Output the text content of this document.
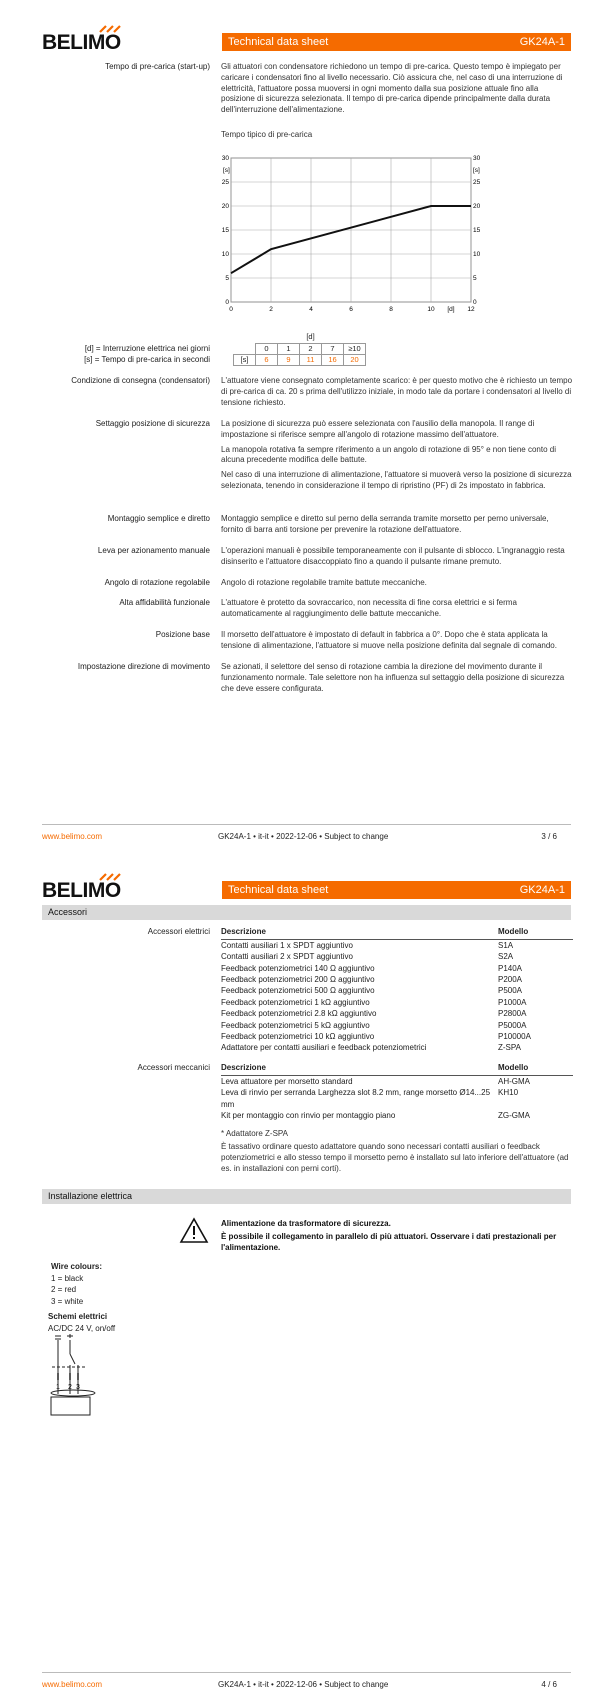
BELIMO	Technical data sheet	GK24A-1
Tempo di pre-carica (start-up) Gli attuatori con condensatore richiedono un tempo di pre-carica. Questo tempo è impiegato per caricare i condensatori fino al livello necessario. Ciò assicura che, nel caso di una interruzione di elettricità, l'attuatore possa muoversi in ogni momento dalla sua posizione attuale fino alla posizione di sicurezza selezionata. Il tempo di pre-carica dipende principalmente dalla durata dell'interruzione dell'alimentazione.

Tempo tipico di pre-carica
0	2	4	6	8	10	12
0	0
5	5
10	10
15	15
20	20
25	25
30	30
[s]	[s]
[d]
[d] = Interruzione elettrica nei giorni
[s] = Tempo di pre-carica in secondi
	[d]				
	0	1	2	7	≥10
[s]	6	9	11	16	20
Condizione di consegna (condensatori) L'attuatore viene consegnato completamente scarico: è per questo motivo che è richiesto un tempo di pre-carica di ca. 20 s prima dell'utilizzo iniziale, in modo tale da portare i condensatori al livello di tensione richiesto.

Settaggio posizione di sicurezza La posizione di sicurezza può essere selezionata con l'ausilio della manopola. Il range di impostazione si riferisce sempre all'angolo di rotazione massimo dell'attuatore.

La manopola rotativa fa sempre riferimento a un angolo di rotazione di 95° e non tiene conto di alcuna precedente modifica delle battute.

Nel caso di una interruzione di alimentazione, l'attuatore si muoverà verso la posizione di sicurezza selezionata, tenendo in considerazione il tempo di ripristino (PF) di 2s impostato in fabbrica.

Montaggio semplice e diretto Montaggio semplice e diretto sul perno della serranda tramite morsetto per perno universale, fornito di barra anti torsione per prevenire la rotazione dell'attuatore.

Leva per azionamento manuale L'operazioni manuali è possibile temporaneamente con il pulsante di sblocco. L'ingranaggio resta disinserito e l'attuatore disaccoppiato fino a quando il pulsante rimane premuto.

Angolo di rotazione regolabile Angolo di rotazione regolabile tramite battute meccaniche.

Alta affidabilità funzionale L'attuatore è protetto da sovraccarico, non necessita di fine corsa elettrici e si ferma automaticamente al raggiungimento delle battute meccaniche.

Posizione base Il morsetto dell'attuatore è impostato di default in fabbrica a 0°. Dopo che è stata applicata la tensione di alimentazione, l'attuatore si muove nella posizione definita dal segnale di comando.

Impostazione direzione di movimento Se azionati, il selettore del senso di rotazione cambia la direzione del movimento durante il funzionamento normale. Tale selettore non ha influenza sul settaggio della posizione di sicurezza che deve essere configurata.

www.belimo.com	GK24A-1 • it-it • 2022-12-06 • Subject to change	3 / 6
BELIMO	Technical data sheet	GK24A-1
Accessori
Accessori elettrici Descrizione	Modello
Contatti ausiliari 1 x SPDT aggiuntivo	S1A
Contatti ausiliari 2 x SPDT aggiuntivo	S2A
Feedback potenziometrici 140 Ω aggiuntivo	P140A
Feedback potenziometrici 200 Ω aggiuntivo	P200A
Feedback potenziometrici 500 Ω aggiuntivo	P500A
Feedback potenziometrici 1 kΩ aggiuntivo	P1000A
Feedback potenziometrici 2.8 kΩ aggiuntivo	P2800A
Feedback potenziometrici 5 kΩ aggiuntivo	P5000A
Feedback potenziometrici 10 kΩ aggiuntivo	P10000A
Adattatore per contatti ausiliari e feedback potenziometrici	Z-SPA
Accessori meccanici Descrizione	Modello
Leva attuatore per morsetto standard	AH-GMA
Leva di rinvio per serranda Larghezza slot 8.2 mm, range morsetto Ø14...25 mm	KH10
Kit per montaggio con rinvio per montaggio piano	ZG-GMA
* Adattatore Z-SPA
È tassativo ordinare questo adattatore quando sono necessari contatti ausiliari o feedback potenziometrici e allo stesso tempo il morsetto perno è installato sul lato inferiore dell'attuatore (ad es. in installazioni con perni corti).
Installazione elettrica

Alimentazione da trasformatore di sicurezza.

È possibile il collegamento in parallelo di più attuatori. Osservare i dati prestazionali per l'alimentazione.

Wire colours:
1 = black
2 = red
3 = white
Schemi elettrici
AC/DC 24 V, on/off
1 2 3
www.belimo.com	GK24A-1 • it-it • 2022-12-06 • Subject to change	4 / 6
